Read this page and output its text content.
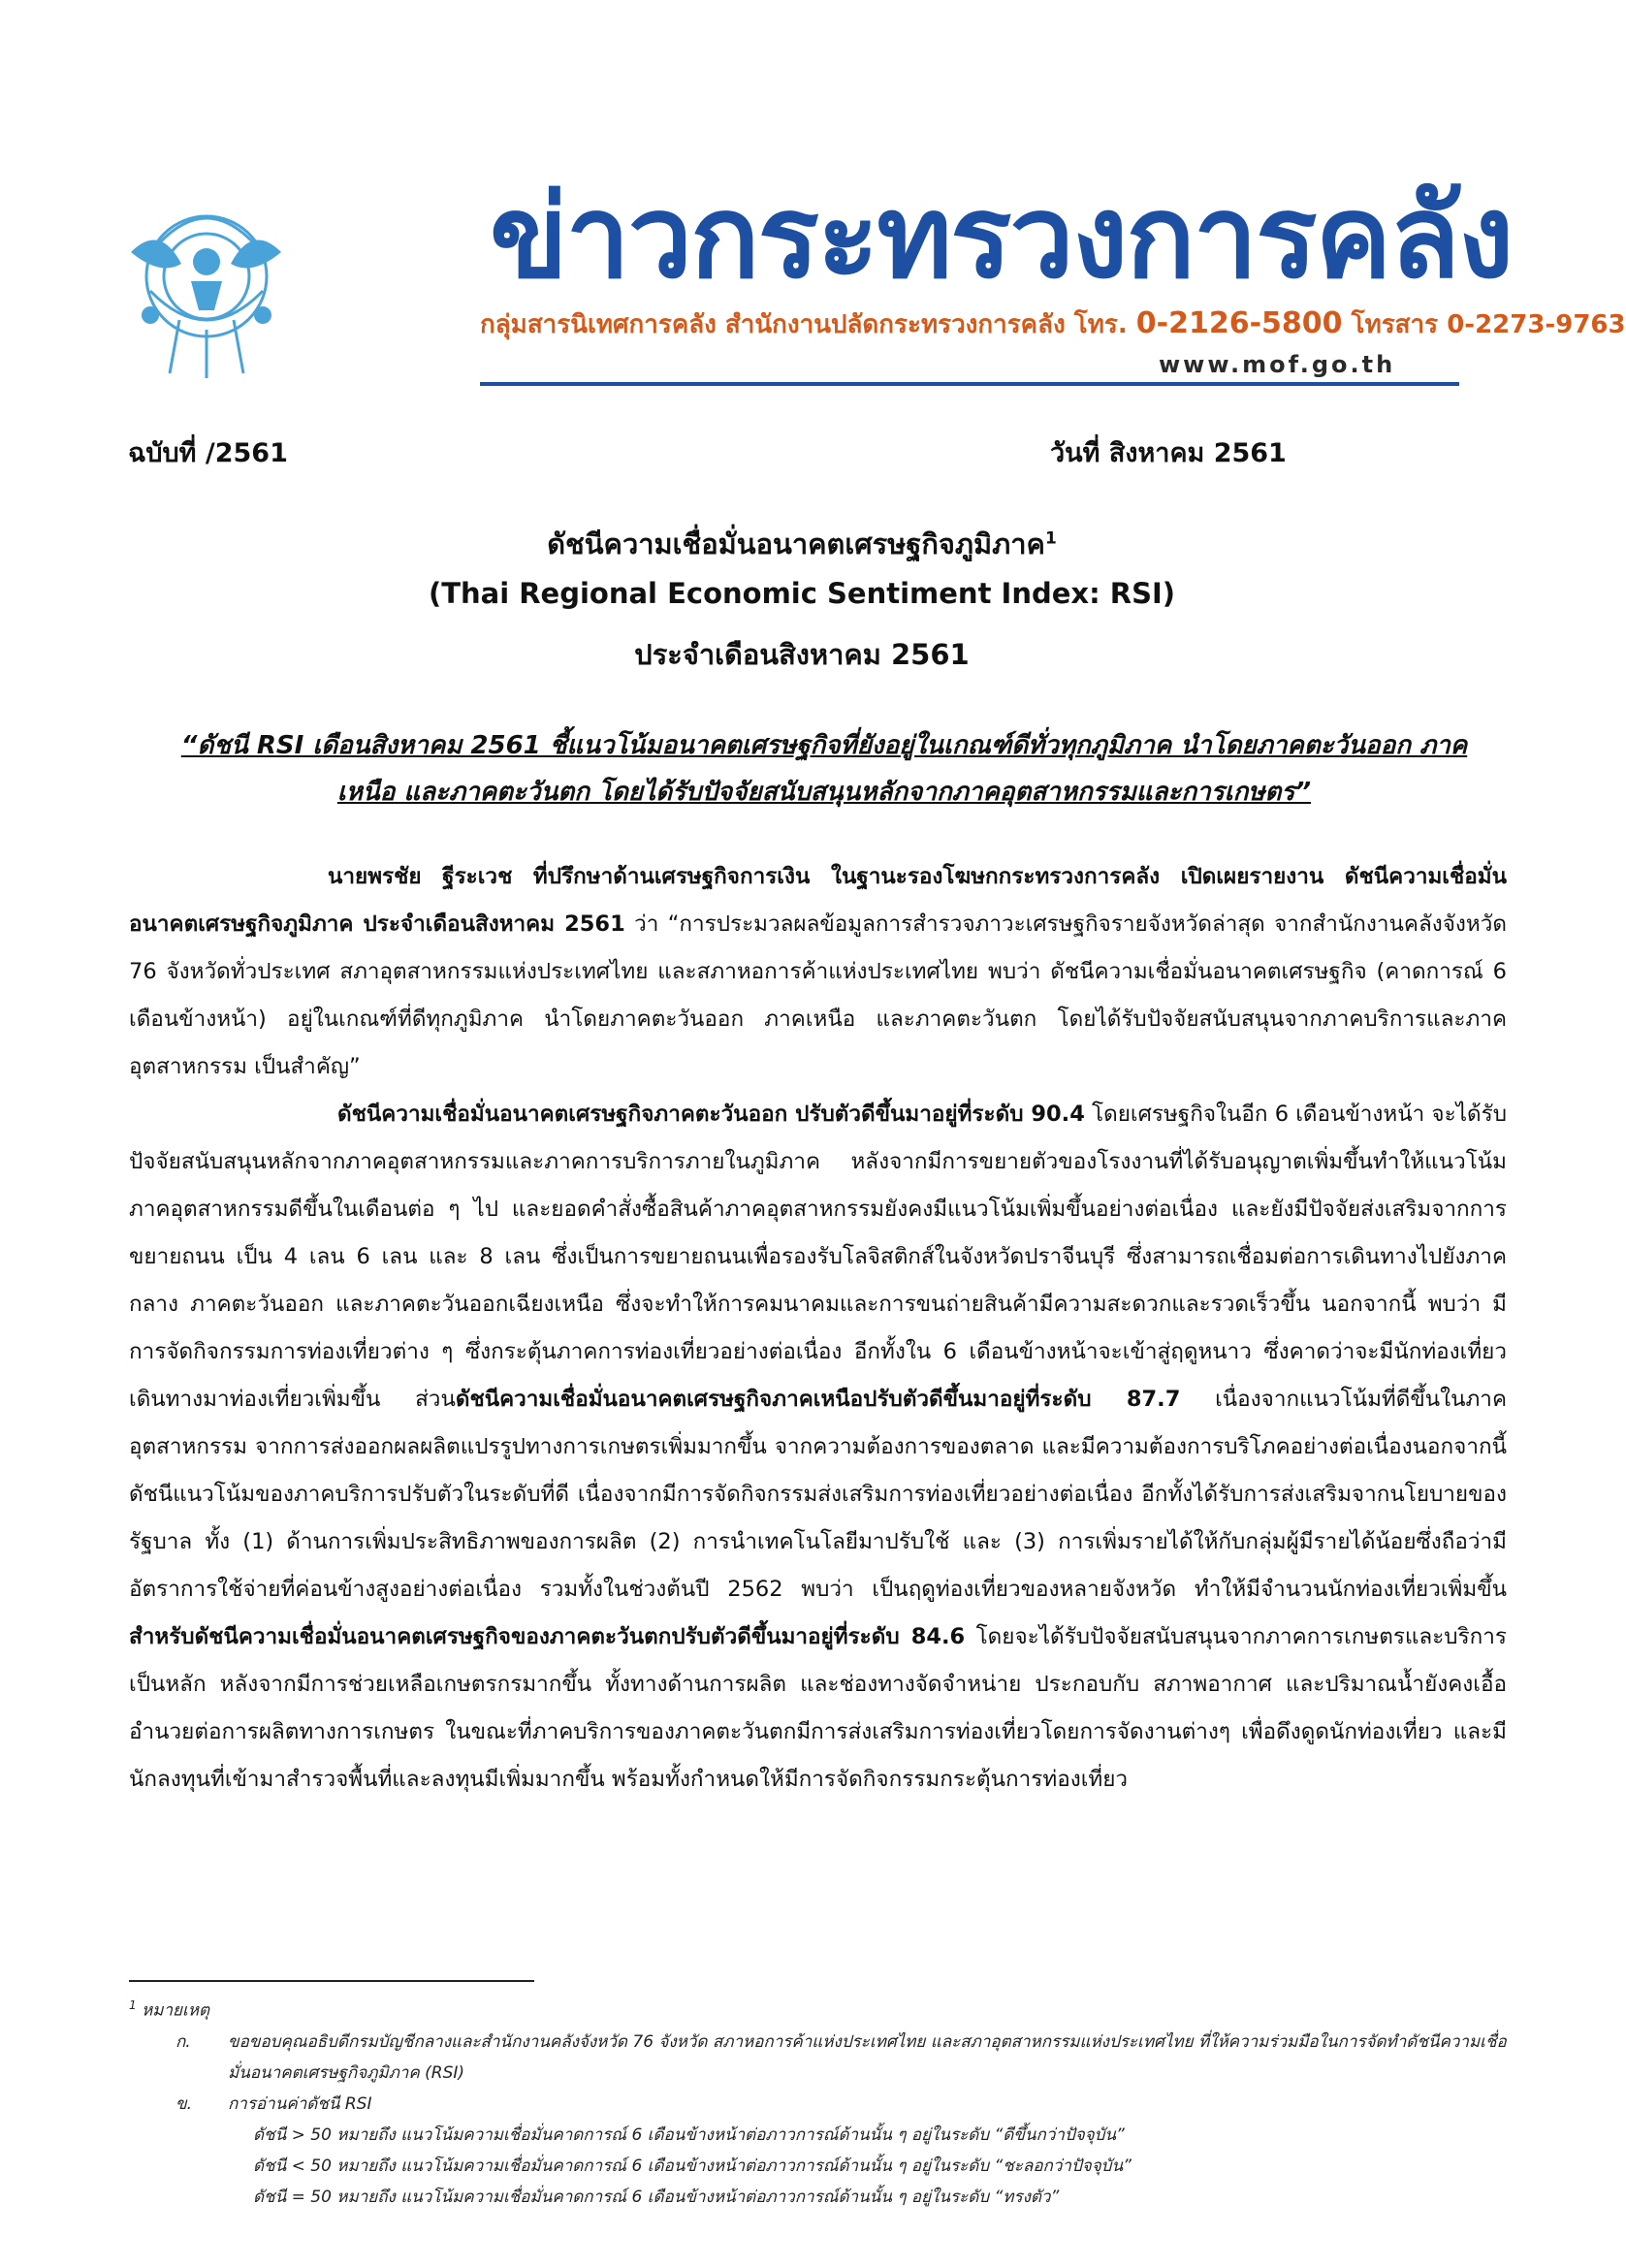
ข่าวกระทรวงการคลัง
กลุ่มสารนิเทศการคลัง สำนักงานปลัดกระทรวงการคลัง โทร. 0-2126-5800 โทรสาร 0-2273-9763
www.mof.go.th
ฉบับที่ /2561	วันที่ สิงหาคม 2561
ดัชนีความเชื่อมั่นอนาคตเศรษฐกิจภูมิภาค$^1$
(Thai Regional Economic Sentiment Index: RSI)
ประจำเดือนสิงหาคม 2561
“ดัชนี RSI เดือนสิงหาคม 2561 ชี้แนวโน้มอนาคตเศรษฐกิจที่ยังอยู่ในเกณฑ์ดีทั่วทุกภูมิภาค นำโดยภาคตะวันออก ภาคเหนือ และภาคตะวันตก โดยได้รับปัจจัยสนับสนุนหลักจากภาคอุตสาหกรรมและการเกษตร”

นายพรชัย ฐีระเวช ที่ปรึกษาด้านเศรษฐกิจการเงิน ในฐานะรองโฆษกกระทรวงการคลัง เปิดเผยรายงาน ดัชนีความเชื่อมั่นอนาคตเศรษฐกิจภูมิภาค ประจำเดือนสิงหาคม 2561 ว่า “การประมวลผลข้อมูลการสำรวจภาวะเศรษฐกิจรายจังหวัดล่าสุด จากสำนักงานคลังจังหวัด 76 จังหวัดทั่วประเทศ สภาอุตสาหกรรมแห่งประเทศไทย และสภาหอการค้าแห่งประเทศไทย พบว่า ดัชนีความเชื่อมั่นอนาคตเศรษฐกิจ (คาดการณ์ 6 เดือนข้างหน้า) อยู่ในเกณฑ์ที่ดีทุกภูมิภาค นำโดยภาคตะวันออก ภาคเหนือ และภาคตะวันตก โดยได้รับปัจจัยสนับสนุนจากภาคบริการและภาคอุตสาหกรรม เป็นสำคัญ”

ดัชนีความเชื่อมั่นอนาคตเศรษฐกิจภาคตะวันออก ปรับตัวดีขึ้นมาอยู่ที่ระดับ 90.4 โดยเศรษฐกิจในอีก 6 เดือนข้างหน้า จะได้รับปัจจัยสนับสนุนหลักจากภาคอุตสาหกรรมและภาคการบริการภายในภูมิภาค หลังจากมีการขยายตัวของโรงงานที่ได้รับอนุญาตเพิ่มขึ้นทำให้แนวโน้มภาคอุตสาหกรรมดีขึ้นในเดือนต่อ ๆ ไป และยอดคำสั่งซื้อสินค้าภาคอุตสาหกรรมยังคงมีแนวโน้มเพิ่มขึ้นอย่างต่อเนื่อง และยังมีปัจจัยส่งเสริมจากการขยายถนน เป็น 4 เลน 6 เลน และ 8 เลน ซึ่งเป็นการขยายถนนเพื่อรองรับโลจิสติกส์ในจังหวัดปราจีนบุรี ซึ่งสามารถเชื่อมต่อการเดินทางไปยังภาคกลาง ภาคตะวันออก และภาคตะวันออกเฉียงเหนือ ซึ่งจะทำให้การคมนาคมและการขนถ่ายสินค้ามีความสะดวกและรวดเร็วขึ้น นอกจากนี้ พบว่า มีการจัดกิจกรรมการท่องเที่ยวต่าง ๆ ซึ่งกระตุ้นภาคการท่องเที่ยวอย่างต่อเนื่อง อีกทั้งใน 6 เดือนข้างหน้าจะเข้าสู่ฤดูหนาว ซึ่งคาดว่าจะมีนักท่องเที่ยวเดินทางมาท่องเที่ยวเพิ่มขึ้น ส่วนดัชนีความเชื่อมั่นอนาคตเศรษฐกิจภาคเหนือปรับตัวดีขึ้นมาอยู่ที่ระดับ 87.7 เนื่องจากแนวโน้มที่ดีขึ้นในภาคอุตสาหกรรม จากการส่งออกผลผลิตแปรรูปทางการเกษตรเพิ่มมากขึ้น จากความต้องการของตลาด และมีความต้องการบริโภคอย่างต่อเนื่องนอกจากนี้ ดัชนีแนวโน้มของภาคบริการปรับตัวในระดับที่ดี เนื่องจากมีการจัดกิจกรรมส่งเสริมการท่องเที่ยวอย่างต่อเนื่อง อีกทั้งได้รับการส่งเสริมจากนโยบายของรัฐบาล ทั้ง (1) ด้านการเพิ่มประสิทธิภาพของการผลิต (2) การนำเทคโนโลยีมาปรับใช้ และ (3) การเพิ่มรายได้ให้กับกลุ่มผู้มีรายได้น้อยซึ่งถือว่ามีอัตราการใช้จ่ายที่ค่อนข้างสูงอย่างต่อเนื่อง รวมทั้งในช่วงต้นปี 2562 พบว่า เป็นฤดูท่องเที่ยวของหลายจังหวัด ทำให้มีจำนวนนักท่องเที่ยวเพิ่มขึ้น สำหรับดัชนีความเชื่อมั่นอนาคตเศรษฐกิจของภาคตะวันตกปรับตัวดีขึ้นมาอยู่ที่ระดับ 84.6 โดยจะได้รับปัจจัยสนับสนุนจากภาคการเกษตรและบริการเป็นหลัก หลังจากมีการช่วยเหลือเกษตรกรมากขึ้น ทั้งทางด้านการผลิต และช่องทางจัดจำหน่าย ประกอบกับ สภาพอากาศ และปริมาณน้ำยังคงเอื้ออำนวยต่อการผลิตทางการเกษตร ในขณะที่ภาคบริการของภาคตะวันตกมีการส่งเสริมการท่องเที่ยวโดยการจัดงานต่างๆ เพื่อดึงดูดนักท่องเที่ยว และมีนักลงทุนที่เข้ามาสำรวจพื้นที่และลงทุนมีเพิ่มมากขึ้น พร้อมทั้งกำหนดให้มีการจัดกิจกรรมกระตุ้นการท่องเที่ยว

$^1$ หมายเหตุ
ก. ขอขอบคุณอธิบดีกรมบัญชีกลางและสำนักงานคลังจังหวัด 76 จังหวัด สภาหอการค้าแห่งประเทศไทย และสภาอุตสาหกรรมแห่งประเทศไทย ที่ให้ความร่วมมือในการจัดทำดัชนีความเชื่อมั่นอนาคตเศรษฐกิจภูมิภาค (RSI)
ข. การอ่านค่าดัชนี RSI
ดัชนี > 50 หมายถึง แนวโน้มความเชื่อมั่นคาดการณ์ 6 เดือนข้างหน้าต่อภาวการณ์ด้านนั้น ๆ อยู่ในระดับ “ดีขึ้นกว่าปัจจุบัน”
ดัชนี < 50 หมายถึง แนวโน้มความเชื่อมั่นคาดการณ์ 6 เดือนข้างหน้าต่อภาวการณ์ด้านนั้น ๆ อยู่ในระดับ “ชะลอกว่าปัจจุบัน”
ดัชนี = 50 หมายถึง แนวโน้มความเชื่อมั่นคาดการณ์ 6 เดือนข้างหน้าต่อภาวการณ์ด้านนั้น ๆ อยู่ในระดับ “ทรงตัว”
